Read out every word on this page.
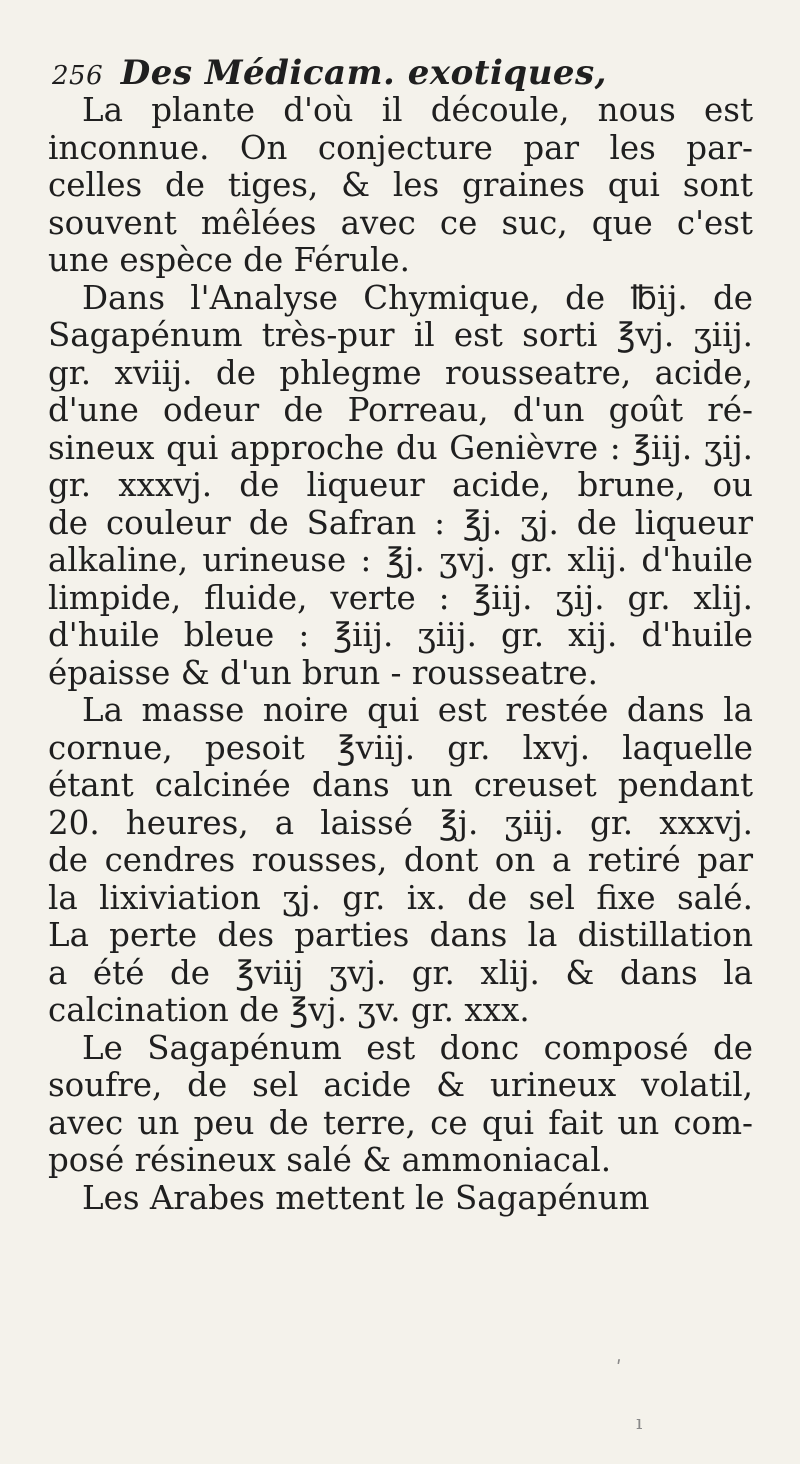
256 Des Médicam. exotiques,
La plante d'où il découle, nous est
inconnue. On conjecture par les par-
celles de tiges, & les graines qui sont
souvent mêlées avec ce suc, que c'est
une espèce de Férule.
Dans l'Analyse Chymique, de ℔ij. de
Sagapénum très-pur il est sorti ℥vj. ʒiij.
gr. xviij. de phlegme rousseatre, acide,
d'une odeur de Porreau, d'un goût ré-
sineux qui approche du Genièvre : ℥iij. ʒij.
gr. xxxvj. de liqueur acide, brune, ou
de couleur de Safran : ℥j. ʒj. de liqueur
alkaline, urineuse : ℥j. ʒvj. gr. xlij. d'huile
limpide, fluide, verte : ℥iij. ʒij. gr. xlij.
d'huile bleue : ℥iij. ʒiij. gr. xij. d'huile
épaisse & d'un brun - rousseatre.
La masse noire qui est restée dans la
cornue, pesoit ℥viij. gr. lxvj. laquelle
étant calcinée dans un creuset pendant
20. heures, a laissé ℥j. ʒiij. gr. xxxvj.
de cendres rousses, dont on a retiré par
la lixiviation ʒj. gr. ix. de sel fixe salé.
La perte des parties dans la distillation
a été de ℥viij ʒvj. gr. xlij. & dans la
calcination de ℥vj. ʒv. gr. xxx.
Le Sagapénum est donc composé de
soufre, de sel acide & urineux volatil,
avec un peu de terre, ce qui fait un com-
posé résineux salé & ammoniacal.
Les Arabes mettent le Sagapénum
ʹ
ı
